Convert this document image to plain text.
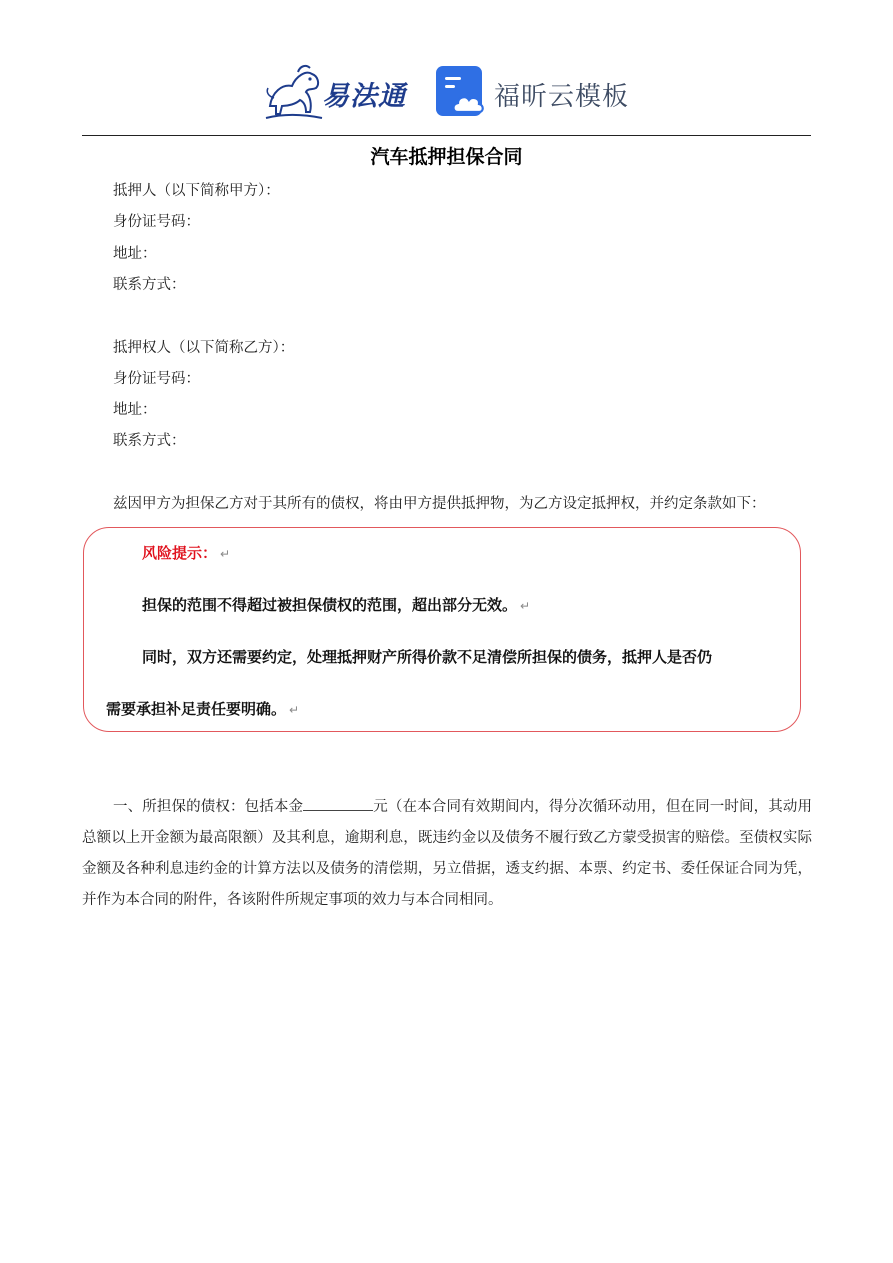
易法通	福昕云模板
汽车抵押担保合同
抵押人（以下简称甲方）：
身份证号码：
地址：
联系方式：
抵押权人（以下简称乙方）：
身份证号码：
地址：
联系方式：
兹因甲方为担保乙方对于其所有的债权，将由甲方提供抵押物，为乙方设定抵押权，并约定条款如下：
风险提示： ↵
担保的范围不得超过被担保债权的范围，超出部分无效。 ↵
同时，双方还需要约定，处理抵押财产所得价款不足清偿所担保的债务，抵押人是否仍
需要承担补足责任要明确。 ↵
一、所担保的债权：包括本金	元（在本合同有效期间内，得分次循环动用，但在同一时间，其动用总额以上开金额为最高限额）及其利息，逾期利息，既违约金以及债务不履行致乙方蒙受损害的赔偿。至债权实际金额及各种利息违约金的计算方法以及债务的清偿期，另立借据，透支约据、本票、约定书、委任保证合同为凭，并作为本合同的附件，各该附件所规定事项的效力与本合同相同。
